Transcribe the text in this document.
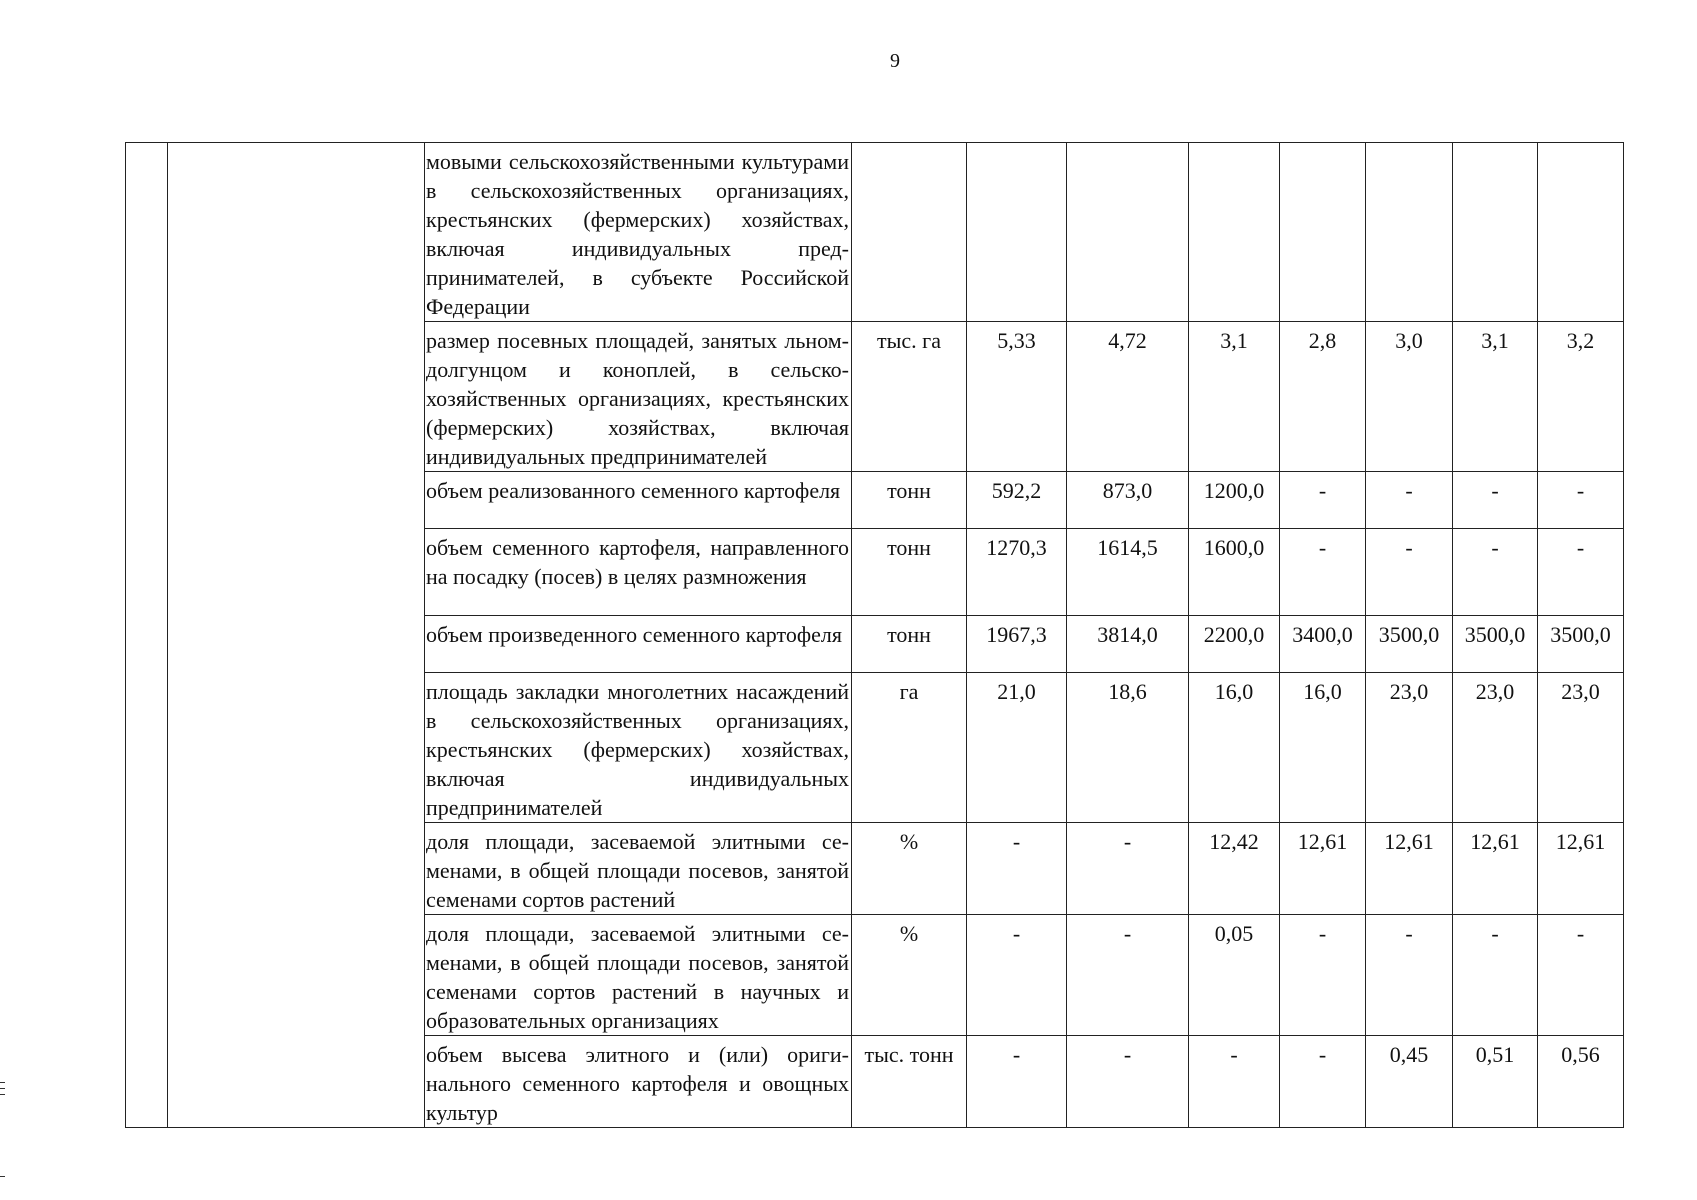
9
		мовыми сельскохозяйственными культурами в сельскохозяйственных организациях, крестьянских (фермерских) хозяйствах, включая индивидуальных предпринимателей, в субъекте Российской Федерации								
		размер посевных площадей, занятых льном-долгунцом и коноплей, в сельскохозяйственных организациях, крестьянских (фермерских) хозяйствах, включая индивидуальных предпринимателей	тыс. га	5,33	4,72	3,1	2,8	3,0	3,1	3,2
		объем реализованного семенного картофеля	тонн	592,2	873,0	1200,0	-	-	-	-
		объем семенного картофеля, направленного на посадку (посев) в целях размножения	тонн	1270,3	1614,5	1600,0	-	-	-	-
		объем произведенного семенного картофеля	тонн	1967,3	3814,0	2200,0	3400,0	3500,0	3500,0	3500,0
		площадь закладки многолетних насаждений в сельскохозяйственных организациях, крестьянских (фермерских) хозяйствах, включая индивидуальных предпринимателей	га	21,0	18,6	16,0	16,0	23,0	23,0	23,0
		доля площади, засеваемой элитными семенами, в общей площади посевов, занятой семенами сортов растений	%	-	-	12,42	12,61	12,61	12,61	12,61
		доля площади, засеваемой элитными семенами, в общей площади посевов, занятой семенами сортов растений в научных и образовательных организациях	%	-	-	0,05	-	-	-	-
		объем высева элитного и (или) оригинального семенного картофеля и овощных культур	тыс. тонн	-	-	-	-	0,45	0,51	0,56
